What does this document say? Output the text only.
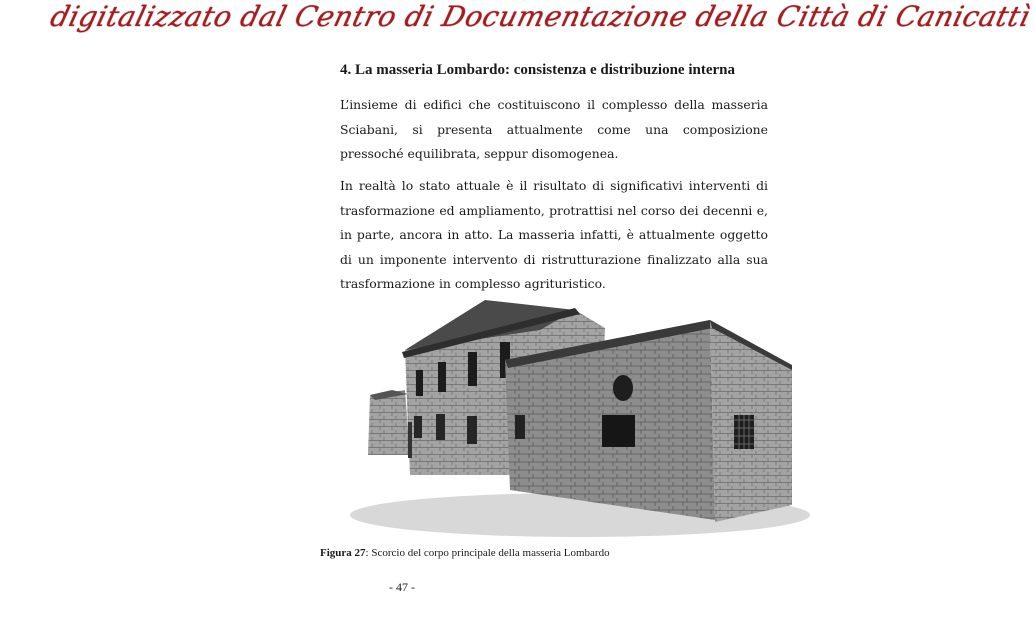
digitalizzato dal Centro di Documentazione della Città di Canicattì
4. La masseria Lombardo: consistenza e distribuzione interna
L’insieme di edifici che costituiscono il complesso della masseria Sciabani, si presenta attualmente come una composizione pressoché equilibrata, seppur disomogenea.
In realtà lo stato attuale è il risultato di significativi interventi di trasformazione ed ampliamento, protrattisi nel corso dei decenni e, in parte, ancora in atto. La masseria infatti, è attualmente oggetto di un imponente intervento di ristrutturazione finalizzato alla sua trasformazione in complesso agrituristico.
Figura 27: Scorcio del corpo principale della masseria Lombardo
- 47 -
